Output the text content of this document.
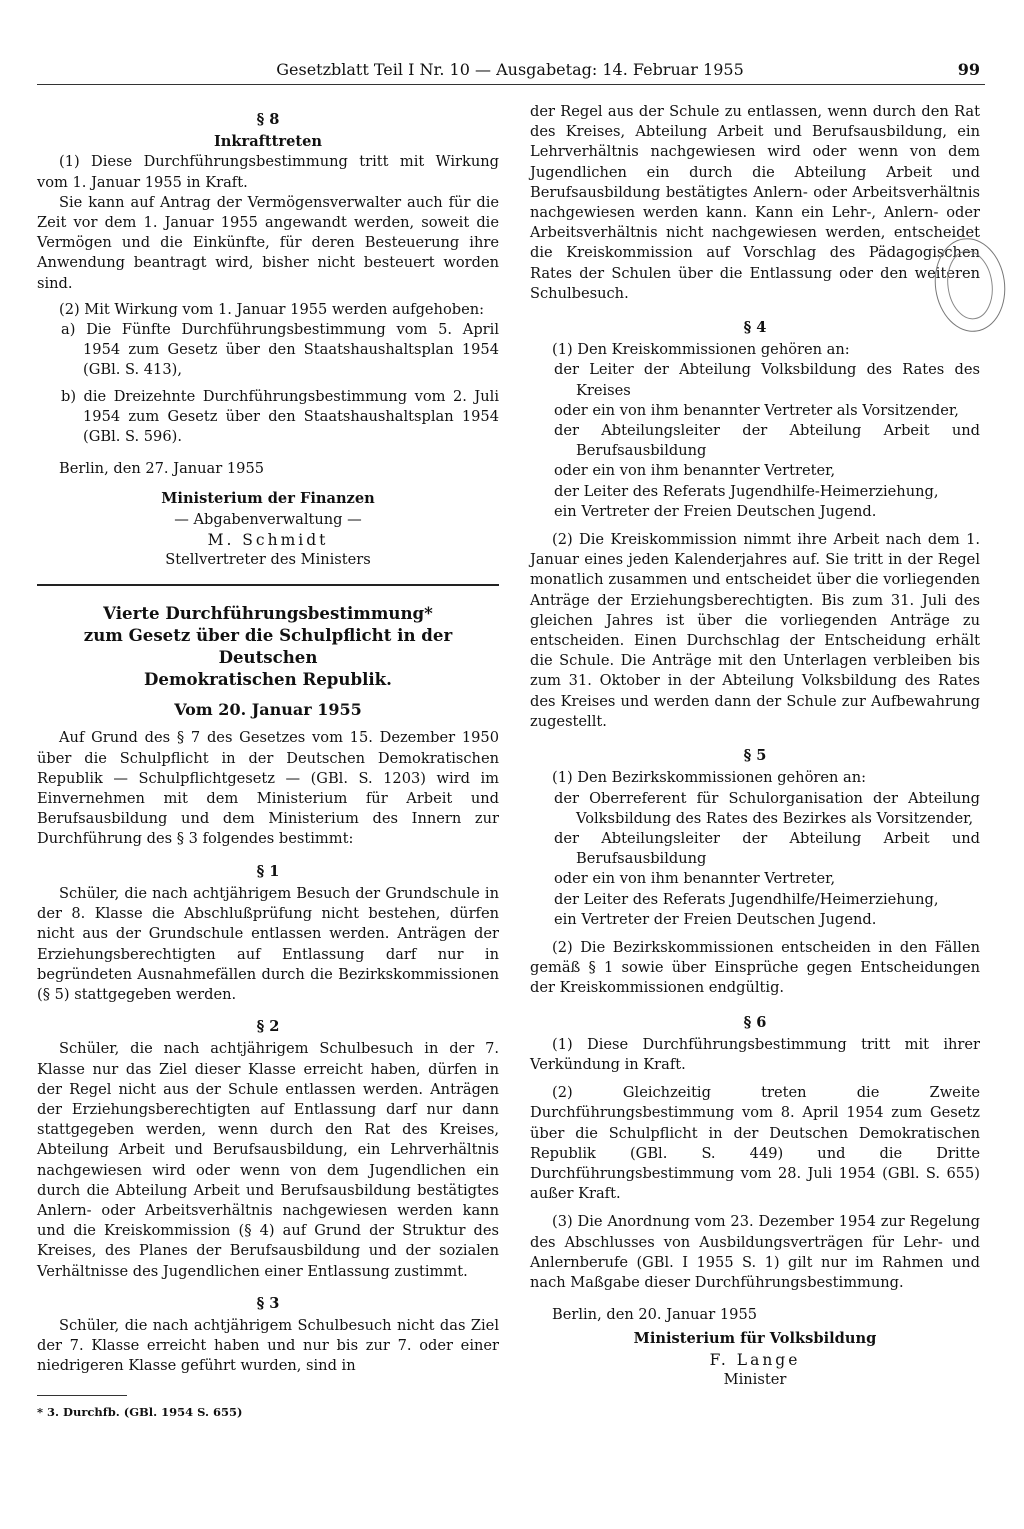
Gesetzblatt Teil I Nr. 10 — Ausgabetag: 14. Februar 1955	99

§ 8

Inkrafttreten

(1) Diese Durchführungsbestimmung tritt mit Wirkung vom 1. Januar 1955 in Kraft.

Sie kann auf Antrag der Vermögensverwalter auch für die Zeit vor dem 1. Januar 1955 angewandt werden, soweit die Vermögen und die Einkünfte, für deren Besteuerung ihre Anwendung beantragt wird, bisher nicht besteuert worden sind.

(2) Mit Wirkung vom 1. Januar 1955 werden aufgehoben:

a) Die Fünfte Durchführungsbestimmung vom 5. April 1954 zum Gesetz über den Staatshaushaltsplan 1954 (GBl. S. 413),

b) die Dreizehnte Durchführungsbestimmung vom 2. Juli 1954 zum Gesetz über den Staatshaushaltsplan 1954 (GBl. S. 596).

Berlin, den 27. Januar 1955

Ministerium der Finanzen
— Abgabenverwaltung —
M. Schmidt
Stellvertreter des Ministers
Vierte Durchführungsbestimmung*
zum Gesetz über die Schulpflicht in der Deutschen
Demokratischen Republik.

Vom 20. Januar 1955

Auf Grund des § 7 des Gesetzes vom 15. Dezember 1950 über die Schulpflicht in der Deutschen Demokratischen Republik — Schulpflichtgesetz — (GBl. S. 1203) wird im Einvernehmen mit dem Ministerium für Arbeit und Berufsausbildung und dem Ministerium des Innern zur Durchführung des § 3 folgendes bestimmt:

§ 1

Schüler, die nach achtjährigem Besuch der Grundschule in der 8. Klasse die Abschlußprüfung nicht bestehen, dürfen nicht aus der Grundschule entlassen werden. Anträgen der Erziehungsberechtigten auf Entlassung darf nur in begründeten Ausnahmefällen durch die Bezirkskommissionen (§ 5) stattgegeben werden.

§ 2

Schüler, die nach achtjährigem Schulbesuch in der 7. Klasse nur das Ziel dieser Klasse erreicht haben, dürfen in der Regel nicht aus der Schule entlassen werden. Anträgen der Erziehungsberechtigten auf Entlassung darf nur dann stattgegeben werden, wenn durch den Rat des Kreises, Abteilung Arbeit und Berufsausbildung, ein Lehrverhältnis nachgewiesen wird oder wenn von dem Jugendlichen ein durch die Abteilung Arbeit und Berufsausbildung bestätigtes Anlern- oder Arbeitsverhältnis nachgewiesen werden kann und die Kreiskommission (§ 4) auf Grund der Struktur des Kreises, des Planes der Berufsausbildung und der sozialen Verhältnisse des Jugendlichen einer Entlassung zustimmt.

§ 3

Schüler, die nach achtjährigem Schulbesuch nicht das Ziel der 7. Klasse erreicht haben und nur bis zur 7. oder einer niedrigeren Klasse geführt wurden, sind in

* 3. Durchfb. (GBl. 1954 S. 655)

der Regel aus der Schule zu entlassen, wenn durch den Rat des Kreises, Abteilung Arbeit und Berufsausbildung, ein Lehrverhältnis nachgewiesen wird oder wenn von dem Jugendlichen ein durch die Abteilung Arbeit und Berufsausbildung bestätigtes Anlern- oder Arbeitsverhältnis nachgewiesen werden kann. Kann ein Lehr-, Anlern- oder Arbeitsverhältnis nicht nachgewiesen werden, entscheidet die Kreiskommission auf Vorschlag des Pädagogischen Rates der Schulen über die Entlassung oder den weiteren Schulbesuch.

§ 4

(1) Den Kreiskommissionen gehören an:

der Leiter der Abteilung Volksbildung des Rates des Kreises

oder ein von ihm benannter Vertreter als Vorsitzender,

der Abteilungsleiter der Abteilung Arbeit und Berufsausbildung

oder ein von ihm benannter Vertreter,

der Leiter des Referats Jugendhilfe-Heimerziehung,

ein Vertreter der Freien Deutschen Jugend.

(2) Die Kreiskommission nimmt ihre Arbeit nach dem 1. Januar eines jeden Kalenderjahres auf. Sie tritt in der Regel monatlich zusammen und entscheidet über die vorliegenden Anträge der Erziehungsberechtigten. Bis zum 31. Juli des gleichen Jahres ist über die vorliegenden Anträge zu entscheiden. Einen Durchschlag der Entscheidung erhält die Schule. Die Anträge mit den Unterlagen verbleiben bis zum 31. Oktober in der Abteilung Volksbildung des Rates des Kreises und werden dann der Schule zur Aufbewahrung zugestellt.

§ 5

(1) Den Bezirkskommissionen gehören an:

der Oberreferent für Schulorganisation der Abteilung Volksbildung des Rates des Bezirkes als Vorsitzender,

der Abteilungsleiter der Abteilung Arbeit und Berufsausbildung

oder ein von ihm benannter Vertreter,

der Leiter des Referats Jugendhilfe/Heimerziehung,

ein Vertreter der Freien Deutschen Jugend.

(2) Die Bezirkskommissionen entscheiden in den Fällen gemäß § 1 sowie über Einsprüche gegen Entscheidungen der Kreiskommissionen endgültig.

§ 6

(1) Diese Durchführungsbestimmung tritt mit ihrer Verkündung in Kraft.

(2) Gleichzeitig treten die Zweite Durchführungsbestimmung vom 8. April 1954 zum Gesetz über die Schulpflicht in der Deutschen Demokratischen Republik (GBl. S. 449) und die Dritte Durchführungsbestimmung vom 28. Juli 1954 (GBl. S. 655) außer Kraft.

(3) Die Anordnung vom 23. Dezember 1954 zur Regelung des Abschlusses von Ausbildungsverträgen für Lehr- und Anlernberufe (GBl. I 1955 S. 1) gilt nur im Rahmen und nach Maßgabe dieser Durchführungsbestimmung.

Berlin, den 20. Januar 1955

Ministerium für Volksbildung
F. Lange
Minister
